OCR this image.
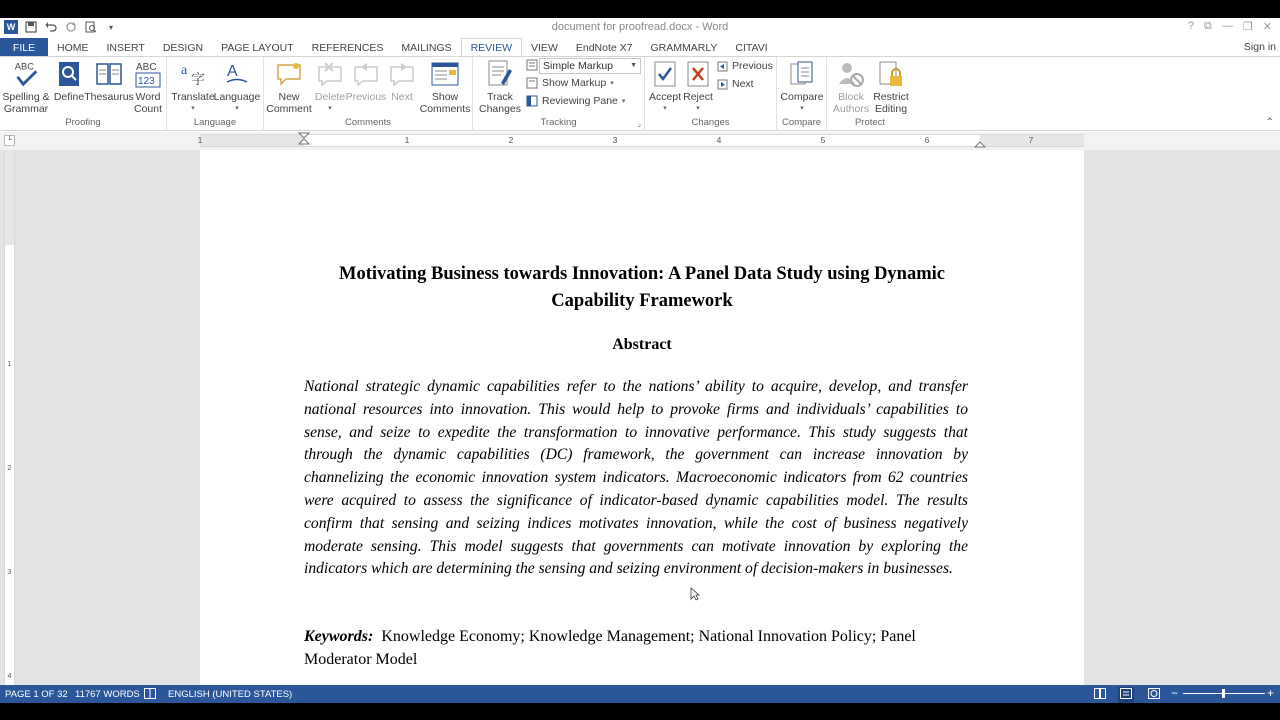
W	▾	document for proofread.docx - Word	? ⧉ — ❐ ✕
FILE	HOME	INSERT	DESIGN	PAGE LAYOUT	REFERENCES	MAILINGS	REVIEW	VIEW	EndNote X7	GRAMMARLY	CITAVI	Sign in
ABC
Spelling &
Grammar
Define Thesaurus
ABC
123
Word
Count
Proofing
a
字
Translate
▾
A
Language
▾
Language
New
Comment
Delete
▾
Previous Next Show
Comments
Comments
Track
Changes
Show Markup ▾
Reviewing Pane ▾
Tracking	⌟
Simple Markup ▼
Accept
▾
Reject
▾
Previous
Next
Changes
Compare
▾
Compare
Block
Authors
Restrict
Editing
Protect	⌃
└	1	1	2	3	4	5	6	7
1
2
3
4
Motivating Business towards Innovation: A Panel Data Study using Dynamic Capability Framework
Abstract
National strategic dynamic capabilities refer to the nations’ ability to acquire, develop, and transfer national resources into innovation. This would help to provoke firms and individuals’ capabilities to sense, and seize to expedite the transformation to innovative performance. This study suggests that through the dynamic capabilities (DC) framework, the government can increase innovation by channelizing the economic innovation system indicators. Macroeconomic indicators from 62 countries were acquired to assess the significance of indicator-based dynamic capabilities model. The results confirm that sensing and seizing indices motivates innovation, while the cost of business negatively moderate sensing. This model suggests that governments can motivate innovation by exploring the indicators which are determining the sensing and seizing environment of decision-makers in businesses.
Keywords: Knowledge Economy; Knowledge Management; National Innovation Policy; Panel Moderator Model
PAGE 1 OF 32 11767 WORDS	ENGLISH (UNITED STATES)	−	+
